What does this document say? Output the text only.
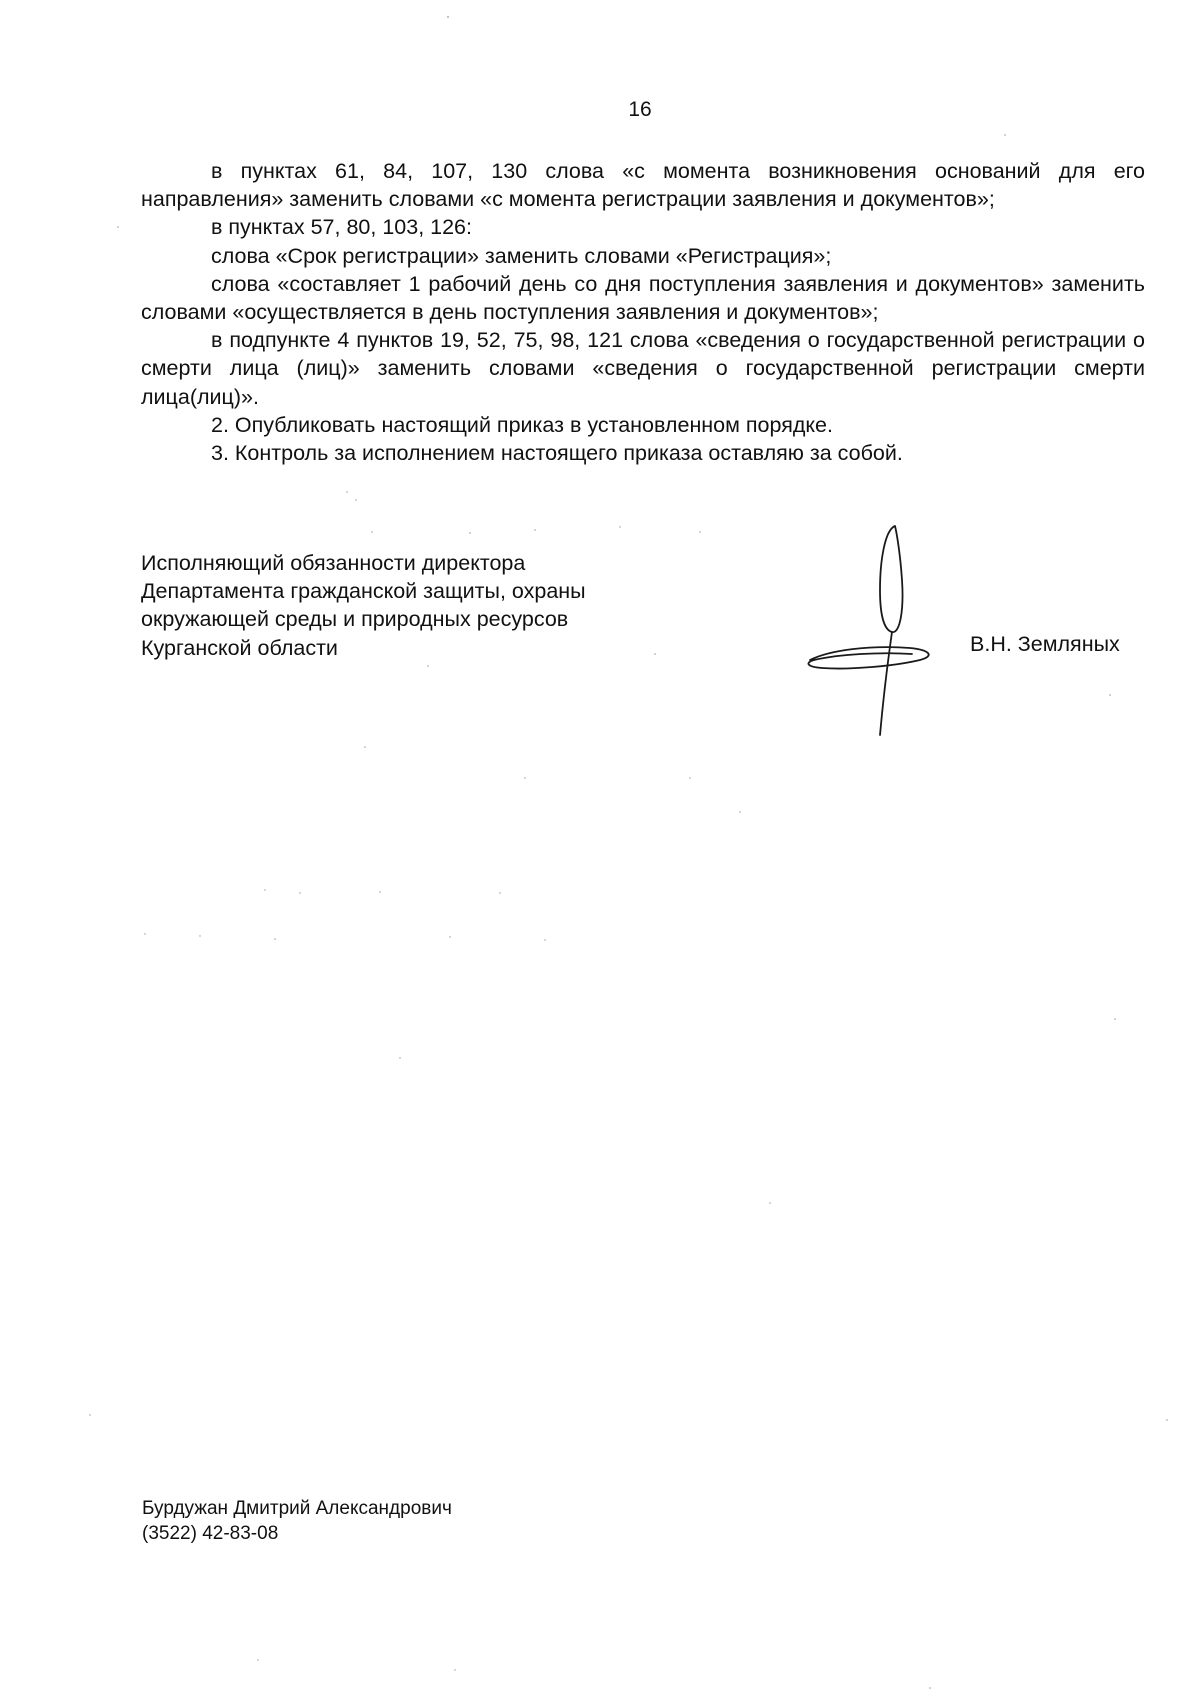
16

в пунктах 61, 84, 107, 130 слова «с момента возникновения оснований для его направления» заменить словами «с момента регистрации заявления и документов»;

в пунктах 57, 80, 103, 126:

слова «Срок регистрации» заменить словами «Регистрация»;

слова «составляет 1 рабочий день со дня поступления заявления и документов» заменить словами «осуществляется в день поступления заявления и документов»;

в подпункте 4 пунктов 19, 52, 75, 98, 121 слова «сведения о государственной регистрации о смерти лица (лиц)» заменить словами «сведения о государственной регистрации смерти лица(лиц)».

2. Опубликовать настоящий приказ в установленном порядке.

3. Контроль за исполнением настоящего приказа оставляю за собой.

Исполняющий обязанности директора
Департамента гражданской защиты, охраны
окружающей среды и природных ресурсов
Курганской области	В.Н. Земляных
Бурдужан Дмитрий Александрович
(3522) 42-83-08
